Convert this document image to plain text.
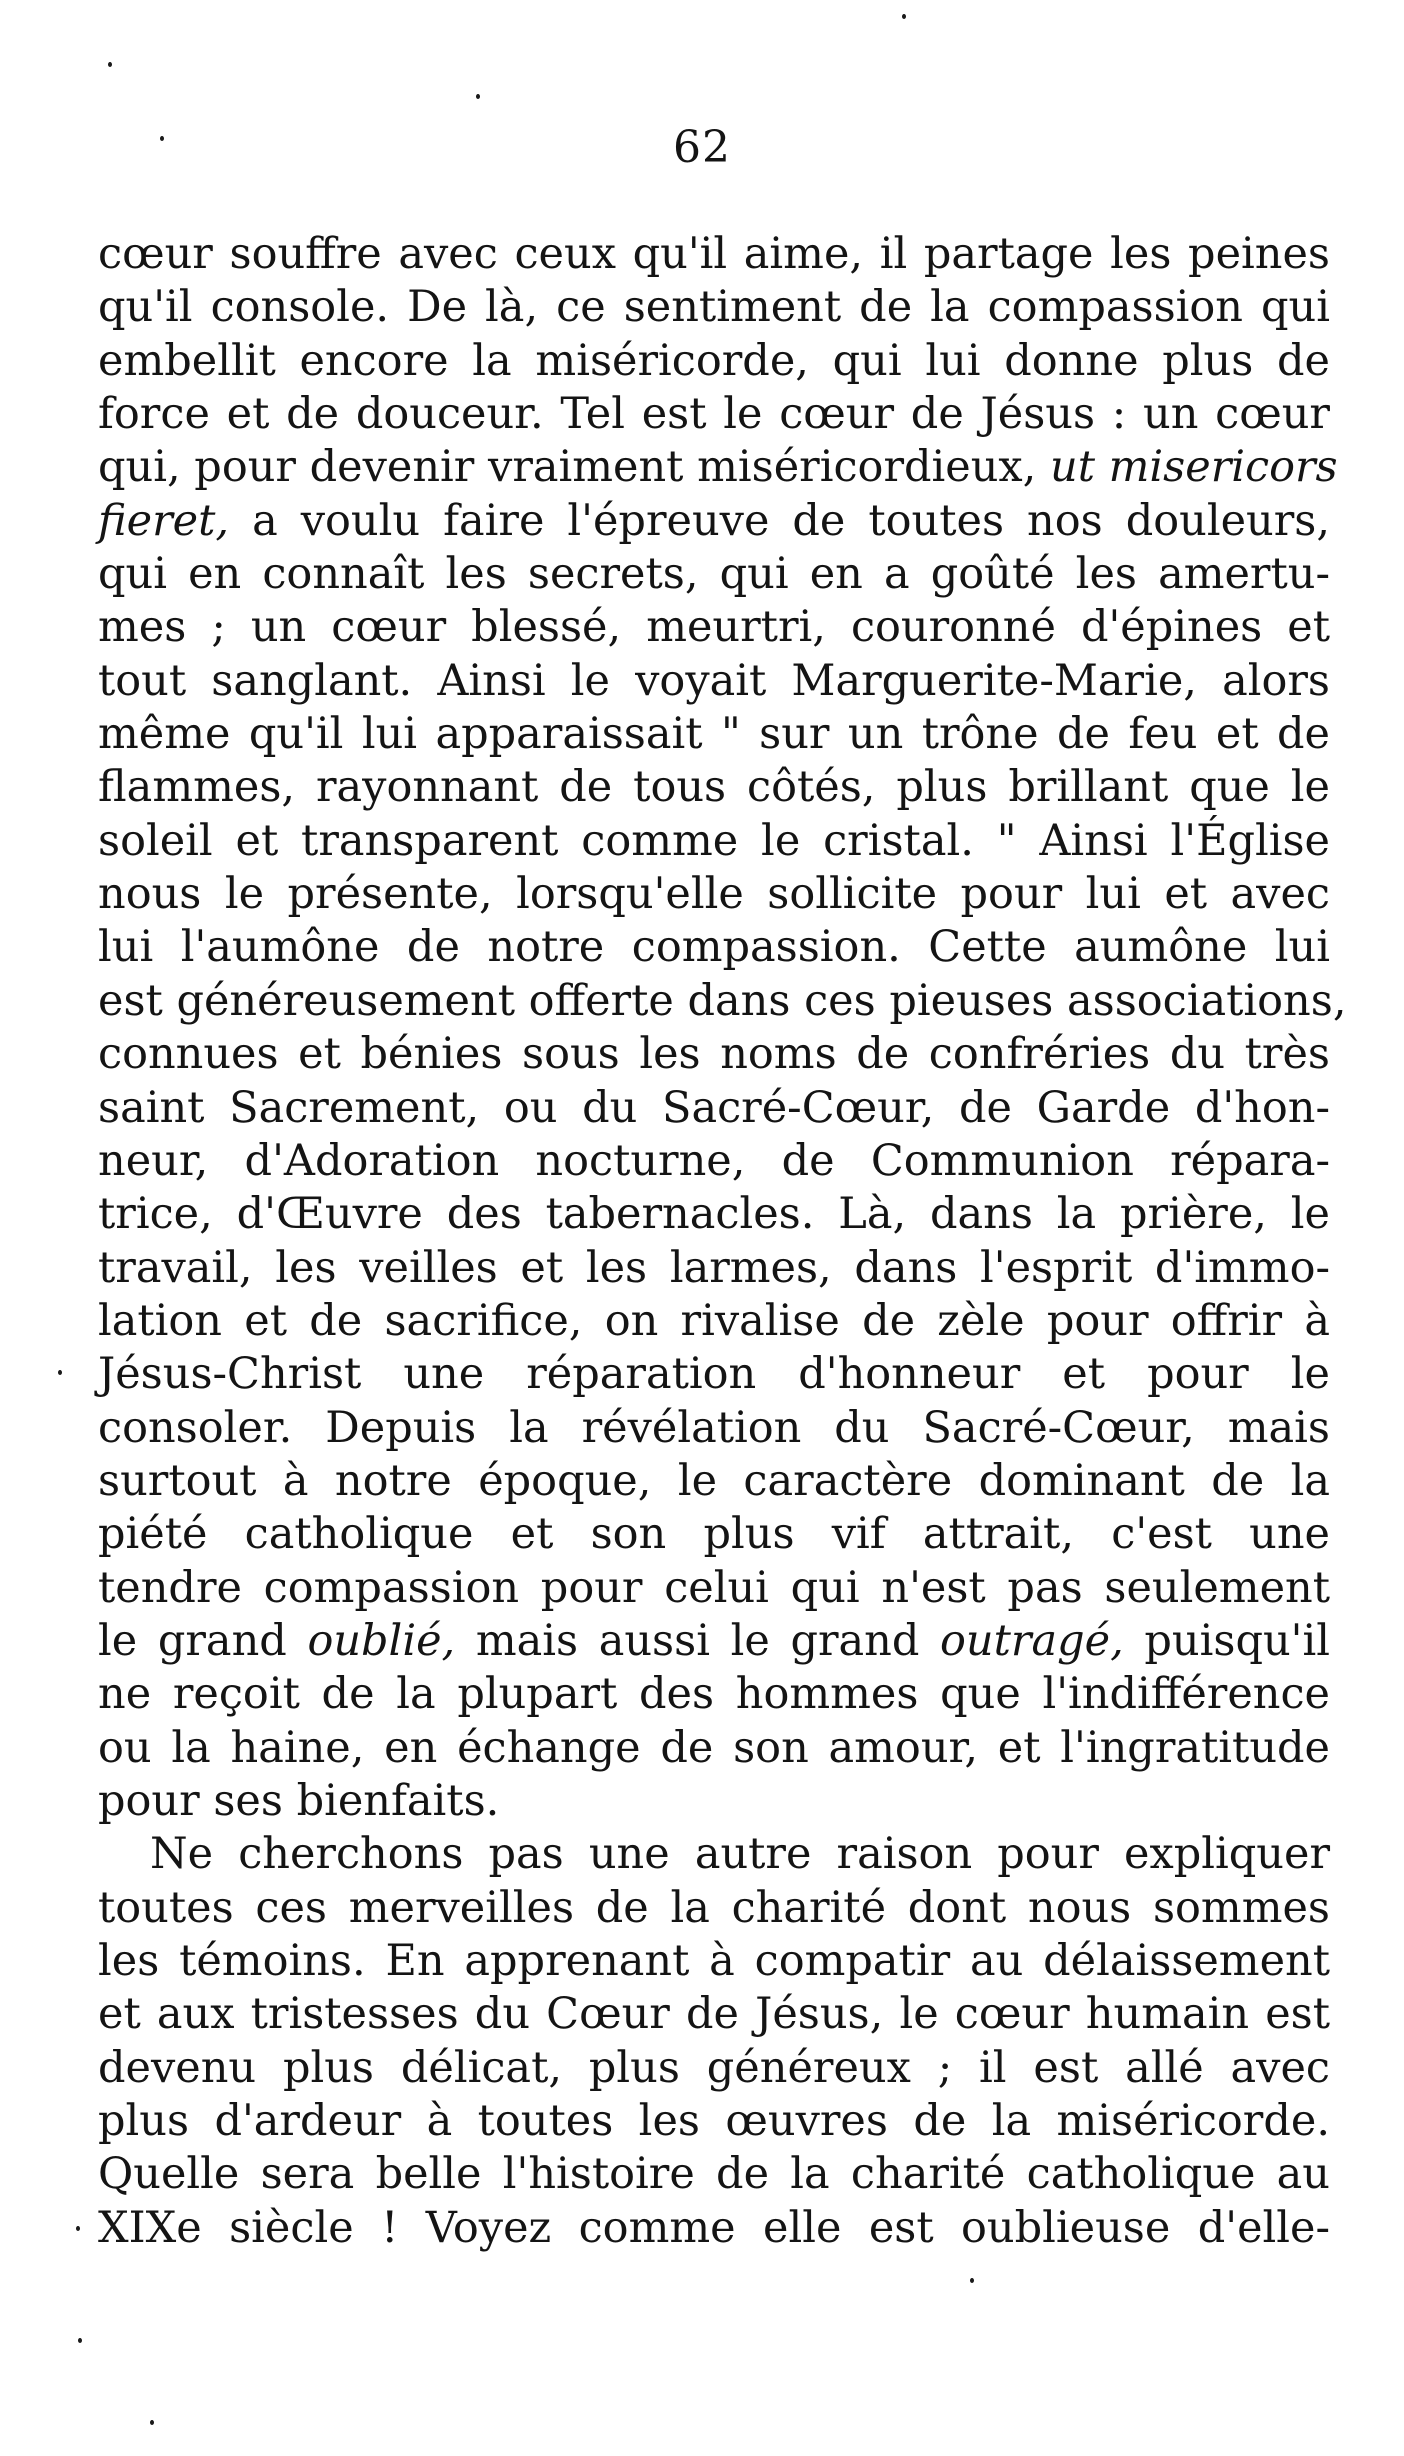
62
cœur souffre avec ceux qu'il aime, il partage les peines
qu'il console. De là, ce sentiment de la compassion qui
embellit encore la miséricorde, qui lui donne plus de
force et de douceur. Tel est le cœur de Jésus : un cœur
qui, pour devenir vraiment miséricordieux, ut misericors
fieret, a voulu faire l'épreuve de toutes nos douleurs,
qui en connaît les secrets, qui en a goûté les amertu-
mes ; un cœur blessé, meurtri, couronné d'épines et
tout sanglant. Ainsi le voyait Marguerite-Marie, alors
même qu'il lui apparaissait " sur un trône de feu et de
flammes, rayonnant de tous côtés, plus brillant que le
soleil et transparent comme le cristal. " Ainsi l'Église
nous le présente, lorsqu'elle sollicite pour lui et avec
lui l'aumône de notre compassion. Cette aumône lui
est généreusement offerte dans ces pieuses associations,
connues et bénies sous les noms de confréries du très
saint Sacrement, ou du Sacré-Cœur, de Garde d'hon-
neur, d'Adoration nocturne, de Communion répara-
trice, d'Œuvre des tabernacles. Là, dans la prière, le
travail, les veilles et les larmes, dans l'esprit d'immo-
lation et de sacrifice, on rivalise de zèle pour offrir à
Jésus-Christ une réparation d'honneur et pour le
consoler. Depuis la révélation du Sacré-Cœur, mais
surtout à notre époque, le caractère dominant de la
piété catholique et son plus vif attrait, c'est une
tendre compassion pour celui qui n'est pas seulement
le grand oublié, mais aussi le grand outragé, puisqu'il
ne reçoit de la plupart des hommes que l'indifférence
ou la haine, en échange de son amour, et l'ingratitude
pour ses bienfaits.
Ne cherchons pas une autre raison pour expliquer
toutes ces merveilles de la charité dont nous sommes
les témoins. En apprenant à compatir au délaissement
et aux tristesses du Cœur de Jésus, le cœur humain est
devenu plus délicat, plus généreux ; il est allé avec
plus d'ardeur à toutes les œuvres de la miséricorde.
Quelle sera belle l'histoire de la charité catholique au
XIXe siècle ! Voyez comme elle est oublieuse d'elle-
